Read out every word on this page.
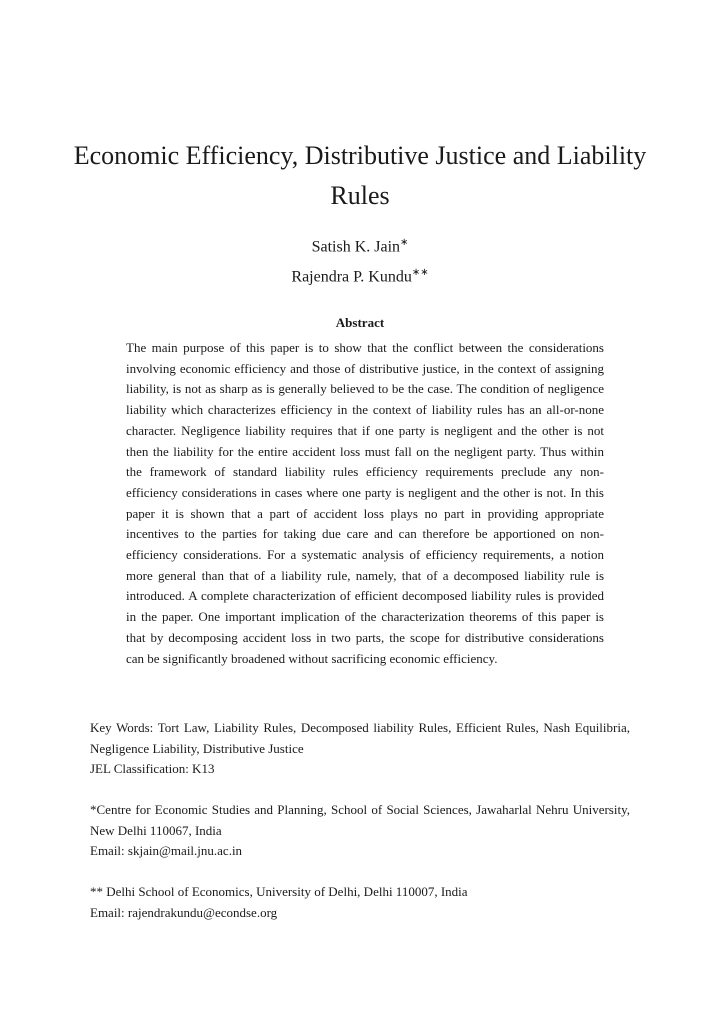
Economic Efficiency, Distributive Justice and Liability Rules
Satish K. Jain∗
Rajendra P. Kundu∗∗
Abstract

The main purpose of this paper is to show that the conflict between the considerations involving economic efficiency and those of distributive justice, in the context of assigning liability, is not as sharp as is generally believed to be the case. The condition of negligence liability which characterizes efficiency in the context of liability rules has an all-or-none character. Negligence liability requires that if one party is negligent and the other is not then the liability for the entire accident loss must fall on the negligent party. Thus within the framework of standard liability rules efficiency requirements preclude any non-efficiency considerations in cases where one party is negligent and the other is not. In this paper it is shown that a part of accident loss plays no part in providing appropriate incentives to the parties for taking due care and can therefore be apportioned on non-efficiency considerations. For a systematic analysis of efficiency requirements, a notion more general than that of a liability rule, namely, that of a decomposed liability rule is introduced. A complete characterization of efficient decomposed liability rules is provided in the paper. One important implication of the characterization theorems of this paper is that by decomposing accident loss in two parts, the scope for distributive considerations can be significantly broadened without sacrificing economic efficiency.

Key Words: Tort Law, Liability Rules, Decomposed liability Rules, Efficient Rules, Nash Equilibria, Negligence Liability, Distributive Justice

JEL Classification: K13

*Centre for Economic Studies and Planning, School of Social Sciences, Jawaharlal Nehru University, New Delhi 110067, India

Email: skjain@mail.jnu.ac.in

** Delhi School of Economics, University of Delhi, Delhi 110007, India

Email: rajendrakundu@econdse.org
